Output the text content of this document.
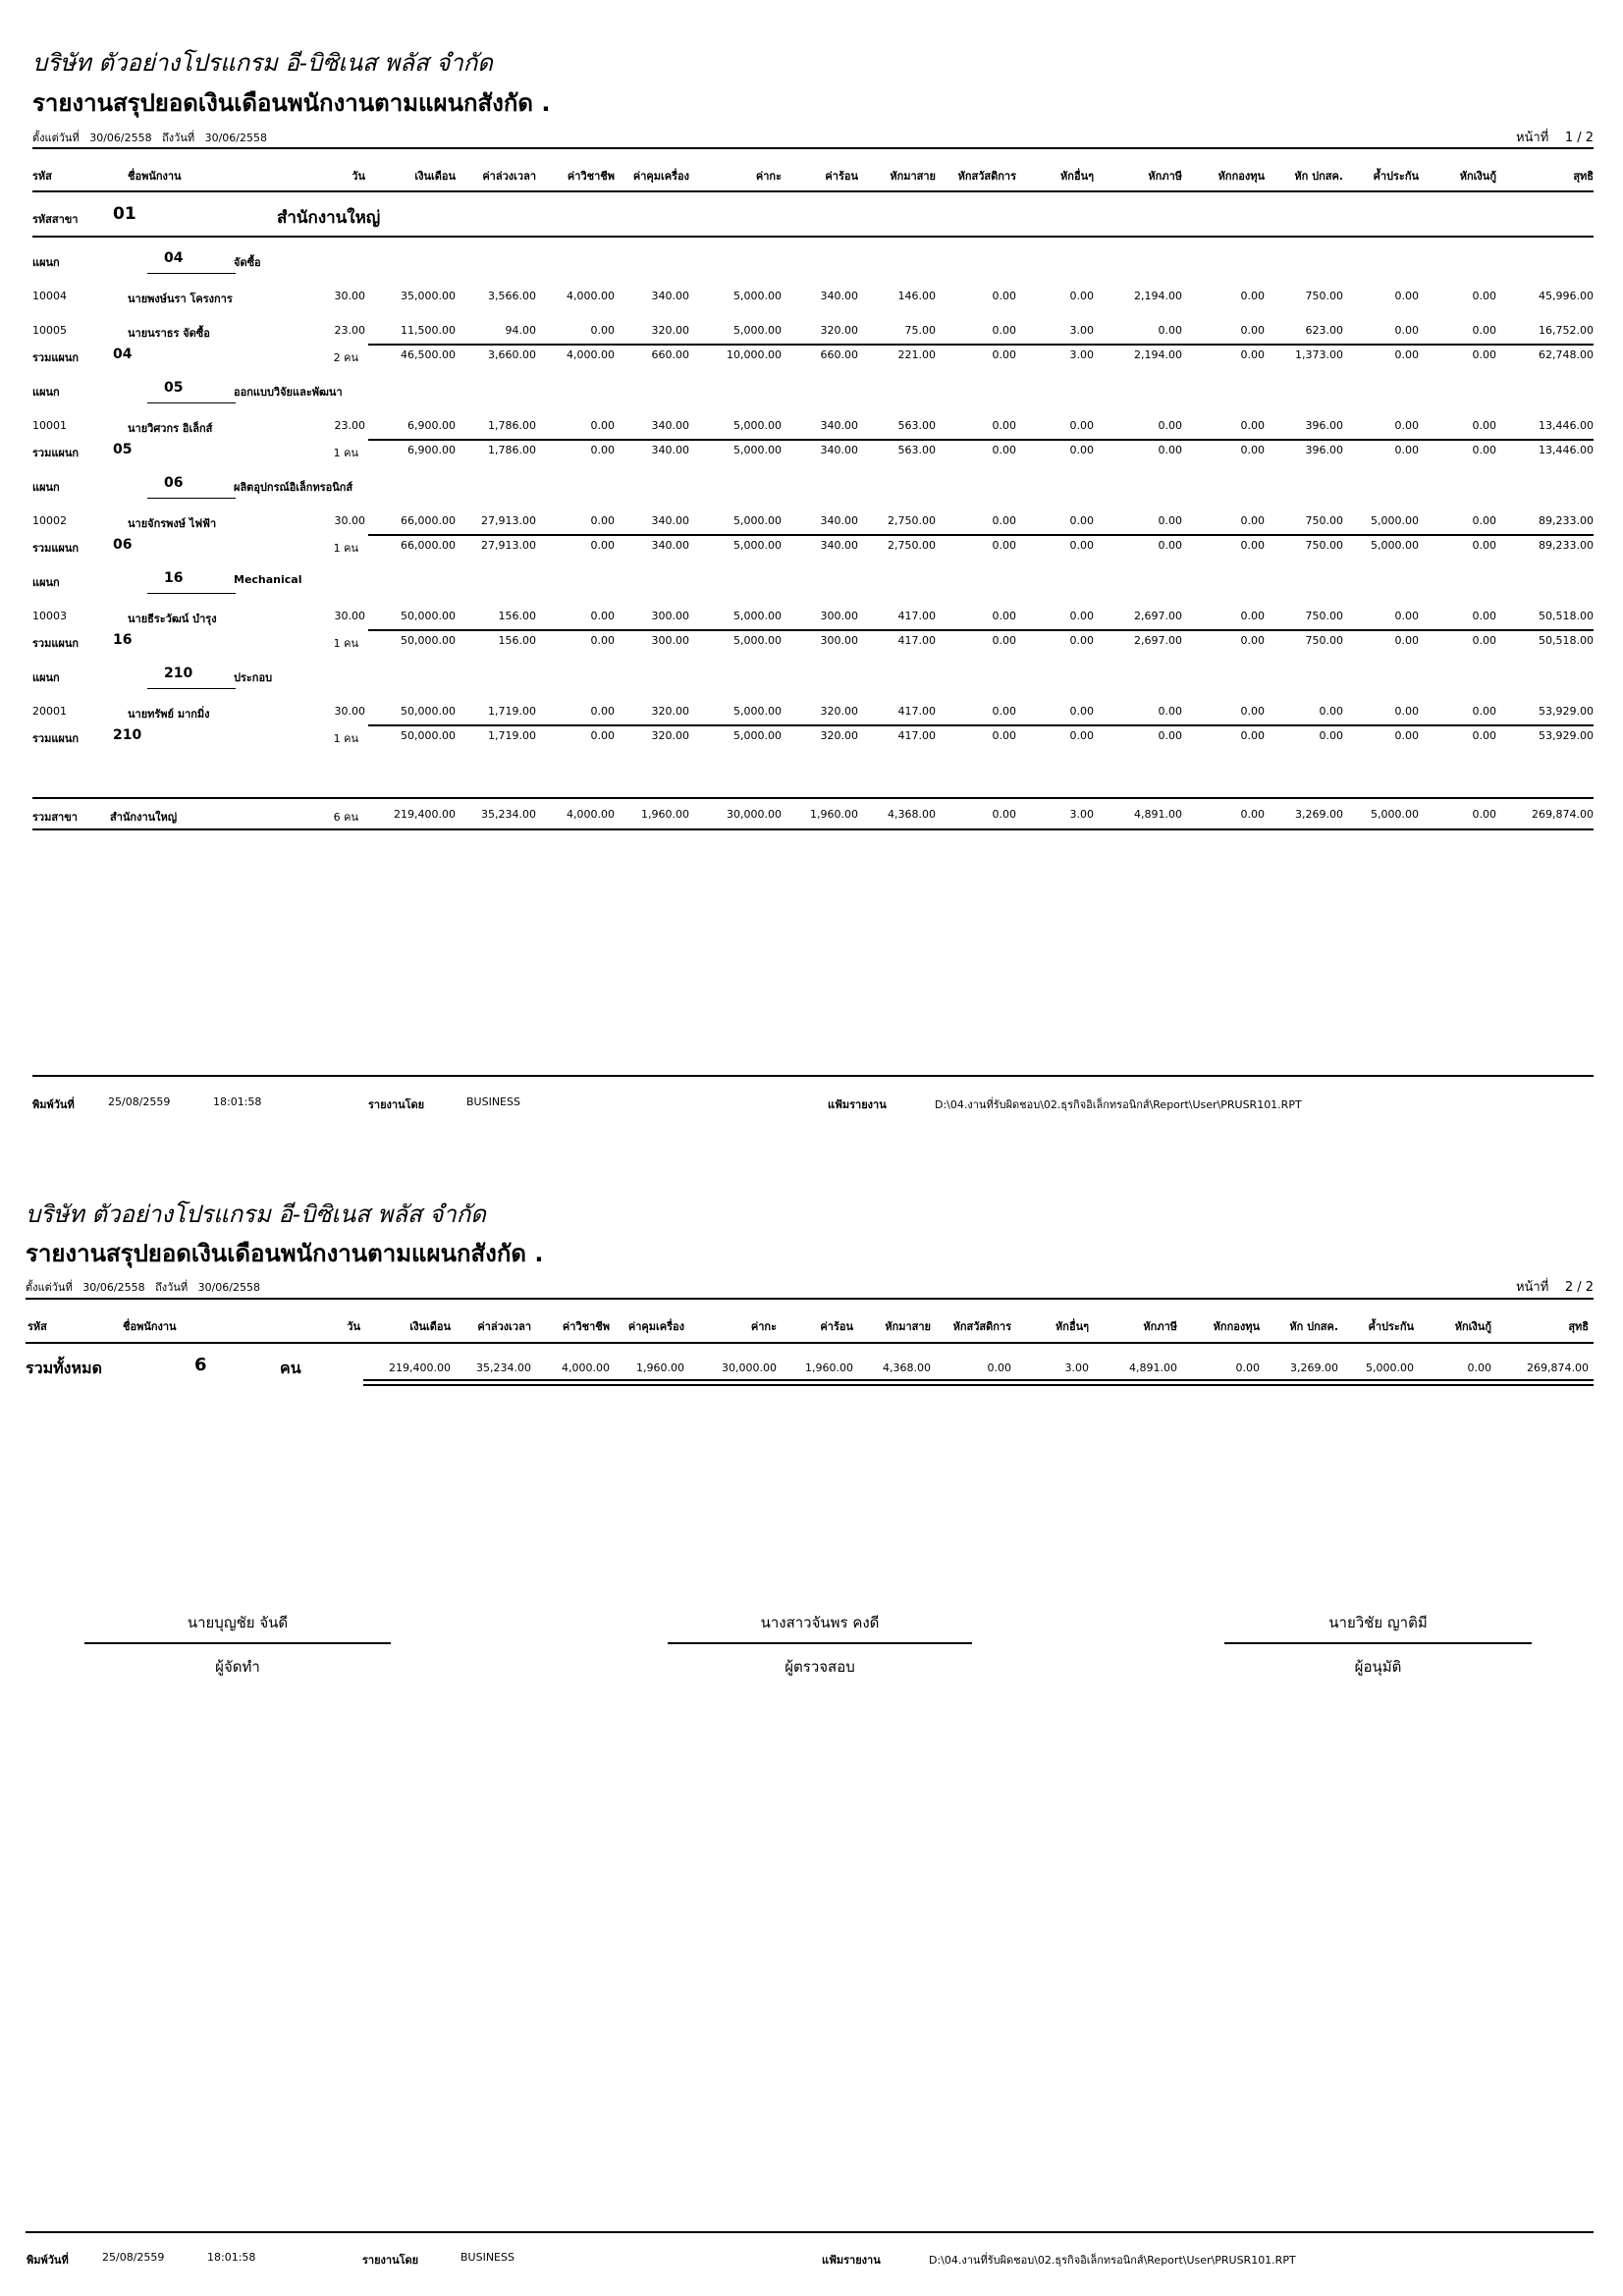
บริษัท ตัวอย่างโปรแกรม อี-บิซิเนส พลัส จำกัด
รายงานสรุปยอดเงินเดือนพนักงานตามแผนกสังกัด .
ตั้งแต่วันที่ 30/06/2558 ถึงวันที่ 30/06/2558	หน้าที่ 1 / 2
รหัส	ชื่อพนักงาน	วัน	เงินเดือน ค่าล่วงเวลา	ค่าวิชาชีพ ค่าคุมเครื่อง	ค่ากะ	ค่าร้อน	หักมาสาย หักสวัสดิการ	หักอื่นๆ	หักภาษี	หักกองทุน	หัก ปกสค.	ค้ำประกัน	หักเงินกู้	สุทธิ
รหัสสาขา 01	สำนักงานใหญ่
แผนก	04	จัดซื้อ
10004	นายพงษ์นรา โครงการ	30.00	35,000.00	3,566.00	4,000.00	340.00	5,000.00	340.00	146.00	0.00	0.00	2,194.00	0.00	750.00	0.00	0.00	45,996.00
10005	นายนราธร จัดซื้อ	23.00	11,500.00	94.00	0.00	320.00	5,000.00	320.00	75.00	0.00	3.00	0.00	0.00	623.00	0.00	0.00	16,752.00
รวมแผนก 04	2 คน	46,500.00	3,660.00	4,000.00	660.00	10,000.00	660.00	221.00	0.00	3.00	2,194.00	0.00	1,373.00	0.00	0.00	62,748.00
แผนก	05	ออกแบบวิจัยและพัฒนา
10001	นายวิศวกร อิเล็กส์	23.00	6,900.00	1,786.00	0.00	340.00	5,000.00	340.00	563.00	0.00	0.00	0.00	0.00	396.00	0.00	0.00	13,446.00
รวมแผนก 05	1 คน	6,900.00	1,786.00	0.00	340.00	5,000.00	340.00	563.00	0.00	0.00	0.00	0.00	396.00	0.00	0.00	13,446.00
แผนก	06	ผลิตอุปกรณ์อิเล็กทรอนิกส์
10002	นายจักรพงษ์ ไฟฟ้า	30.00	66,000.00 27,913.00	0.00	340.00	5,000.00	340.00	2,750.00	0.00	0.00	0.00	0.00	750.00	5,000.00	0.00	89,233.00
รวมแผนก 06	1 คน	66,000.00 27,913.00	0.00	340.00	5,000.00	340.00	2,750.00	0.00	0.00	0.00	0.00	750.00	5,000.00	0.00	89,233.00
แผนก	16	Mechanical
10003	นายธีระวัฒน์ บำรุง	30.00	50,000.00	156.00	0.00	300.00	5,000.00	300.00	417.00	0.00	0.00	2,697.00	0.00	750.00	0.00	0.00	50,518.00
รวมแผนก 16	1 คน	50,000.00	156.00	0.00	300.00	5,000.00	300.00	417.00	0.00	0.00	2,697.00	0.00	750.00	0.00	0.00	50,518.00
แผนก	210	ประกอบ
20001	นายทรัพย์ มากมิ่ง	30.00	50,000.00	1,719.00	0.00	320.00	5,000.00	320.00	417.00	0.00	0.00	0.00	0.00	0.00	0.00	0.00	53,929.00
รวมแผนก 210	1 คน	50,000.00	1,719.00	0.00	320.00	5,000.00	320.00	417.00	0.00	0.00	0.00	0.00	0.00	0.00	0.00	53,929.00
รวมสาขา	สำนักงานใหญ่	6 คน	219,400.00 35,234.00	4,000.00 1,960.00	30,000.00	1,960.00	4,368.00	0.00	3.00	4,891.00	0.00	3,269.00	5,000.00	0.00	269,874.00
พิมพ์วันที่	25/08/2559	18:01:58	รายงานโดย	BUSINESS	แฟ้มรายงาน	D:\04.งานที่รับผิดชอบ\02.ธุรกิจอิเล็กทรอนิกส์\Report\User\PRUSR101.RPT
บริษัท ตัวอย่างโปรแกรม อี-บิซิเนส พลัส จำกัด
รายงานสรุปยอดเงินเดือนพนักงานตามแผนกสังกัด .
ตั้งแต่วันที่ 30/06/2558 ถึงวันที่ 30/06/2558	หน้าที่ 2 / 2
รหัส	ชื่อพนักงาน	วัน	เงินเดือน ค่าล่วงเวลา	ค่าวิชาชีพ ค่าคุมเครื่อง	ค่ากะ	ค่าร้อน	หักมาสาย หักสวัสดิการ	หักอื่นๆ	หักภาษี	หักกองทุน	หัก ปกสค.	ค้ำประกัน	หักเงินกู้	สุทธิ
รวมทั้งหมด	6	คน	219,400.00 35,234.00	4,000.00 1,960.00	30,000.00	1,960.00	4,368.00	0.00	3.00	4,891.00	0.00	3,269.00	5,000.00	0.00	269,874.00
นายบุญชัย จันดี
ผู้จัดทำ
นางสาวจันพร คงดี
ผู้ตรวจสอบ
นายวิชัย ญาติมี
ผู้อนุมัติ
พิมพ์วันที่	25/08/2559	18:01:58	รายงานโดย	BUSINESS	แฟ้มรายงาน	D:\04.งานที่รับผิดชอบ\02.ธุรกิจอิเล็กทรอนิกส์\Report\User\PRUSR101.RPT
